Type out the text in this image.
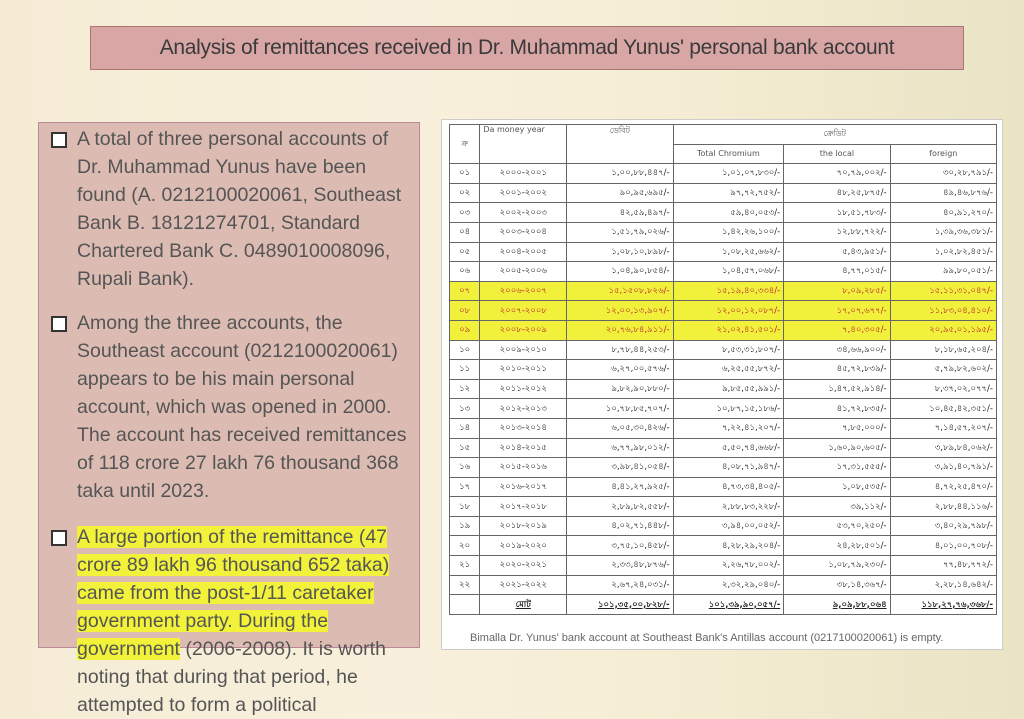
Analysis of remittances received in Dr. Muhammad Yunus' personal bank account
A total of three personal accounts of Dr. Muhammad Yunus have been found (A. 0212100020061, Southeast Bank B. 18121274701, Standard Chartered Bank C. 0489010008096, Rupali Bank).
Among the three accounts, the Southeast account (0212100020061) appears to be his main personal account, which was opened in 2000. The account has received remittances of 118 crore 27 lakh 76 thousand 368 taka until 2023.
A large portion of the remittance (47 crore 89 lakh 96 thousand 652 taka) came from the post-1/11 caretaker government party. During the government (2006-2008). It is worth noting that during that period, he attempted to form a political
ক্র	Da money year	ডেবিট	ক্রেডিট		
			Total Chromium	the local	foreign
০১	২০০০-২০০১	১,০০,৮৮,৪৪৭/-	১,০১,০৭,৮৩০/-	৭০,৭৯,০০২/-	৩০,২৮,৭৯১/-
০২	২০০১-২০০২	৯০,৯৫,৬৯৫/-	৯৭,৭২,৭৫২/-	৪৮,২৫,৮৭৫/-	৪৯,৪৬,৮৭৬/-
০৩	২০০২-২০০৩	৪২,৫৯,৪৯৭/-	৫৯,৪০,০৫৩/-	১৮,৫১,৭৮৩/-	৪০,৯১,২৭০/-
০৪	২০০৩-২০০৪	১,৫১,৭৯,০২৬/-	১,৪২,২৬,১০০/-	১২,৮৮,৭২২/-	১,৩৯,৩৬,৩৮১/-
০৫	২০০৪-২০০৫	১,০৮,১০,৮৯৮/-	১,০৮,২৫,৬৬২/-	৫,৪৩,৯৫১/-	১,০২,৮২,৪৫১/-
০৬	২০০৫-২০০৬	১,০৪,৯০,৮৫৪/-	১,০৪,৫৭,০৬৮/-	৪,৭৭,০১৫/-	৯৯,৮০,০৫১/-
০৭	২০০৬-২০০৭	১৫,১৫০৮,৮২৬/-	১৫,১৯,৪০,৩৩৪/-	৮,০৯,২৮৫/-	১৫,১১,৩১,০৪৭/-
০৮	২০০৭-২০০৮	১২,০০,১৩,৯০৭/-	১২,০০,১২,০৮৭/-	১৭,০৭,৬৭৭/-	১১,৮৩,০৪,৪১০/-
০৯	২০০৮-২০০৯	২০,৭৬,৮৪,৯১১/-	২১,০২,৪১,৫০১/-	৭,৪০,৩০৫/-	২০,৯৫,০১,১৯৫/-
১০	২০০৯-২০১০	৮,৭৮,৪৪,২৫৩/-	৮,৫৩,৩১,৮০৭/-	৩৪,৬৬,৯০০/-	৮,১৮,৬৫,২০৪/-
১১	২০১০-২০১১	৬,২৭,০০,৫৭৬/-	৬,২৫,৫৫,৮৭২/-	৪৫,৭২,৮৩৯/-	৫,৭৯,৮২,৬০২/-
১২	২০১১-২০১২	৯,৮২,৯০,৮৮০/-	৯,৮৫,৫৫,৯৯১/-	১,৪৭,৫২,৯১৪/-	৮,৩৭,০২,০৭৭/-
১৩	২০১২-২০১৩	১০,৭৮,৮৫,৭০৭/-	১০,৮৭,১৫,১৮৬/-	৪১,৭২,৮৩৫/-	১০,৪৫,৪২,৩৫১/-
১৪	২০১৩-২০১৪	৬,০৫,৩০,৪২৬/-	৭,২২,৪১,২০৭/-	৭,৮৫,০০০/-	৭,১৪,৫৭,২০৭/-
১৫	২০১৪-২০১৫	৬,৭৭,৯৮,০১২/-	৫,৫০,৭৪,৬৬৮/-	১,৬০,৯০,৬০৫/-	৩,৮৯,৮৪,০৬২/-
১৬	২০১৫-২০১৬	৩,৯৮,৪১,০৫৪/-	৪,০৮,৭১,৯৪৭/-	১৭,৩১,৫৫৫/-	৩,৯১,৪০,৭৯১/-
১৭	২০১৬-২০১৭	৪,৪১,২৭,৯২৫/-	৪,৭৩,৩৪,৪০৫/-	১,০৮,৫৩৫/-	৪,৭২,২৫,৪৭০/-
১৮	২০১৭-২০১৮	২,৮৯,৮২,৫৫৮/-	২,৮৮,৮৩,২২৮/-	৩৯,১১২/-	২,৮৮,৪৪,১১৬/-
১৯	২০১৮-২০১৯	৪,০২,৭১,৪৪৮/-	৩,৯৪,০০,০৫২/-	৫৩,৭০,২৫০/-	৩,৪০,২৯,৭৯৮/-
২০	২০১৯-২০২০	৩,৭৫,১০,৪৫৮/-	৪,২৮,২৯,২০৪/-	২৪,২৮,৫০১/-	৪,০১,০০,৭০৮/-
২১	২০২০-২০২১	২,৩৩,৪৮,৮৭৬/-	২,২৬,৭৮,০০২/-	১,০৮,৭৯,২৩০/-	৭৭,৪৮,৭৭২/-
২২	২০২১-২০২২	২,৬৭,২৪,০৩১/-	২,৩২,২৯,০৪০/-	৩৮,১৪,৩৬৭/-	২,২৮,১৪,৬৪২/-
	মোট	১০১,৩৫,০০,৮২৮/-	১০১,৩৯,৯০,০৫৭/-	৯,০৯,৮৮,০৬৪	১১৮,২৭,৭৬,৩৬৮/-
Bimalla Dr. Yunus' bank account at Southeast Bank's Antillas account (0217100020061) is empty.
